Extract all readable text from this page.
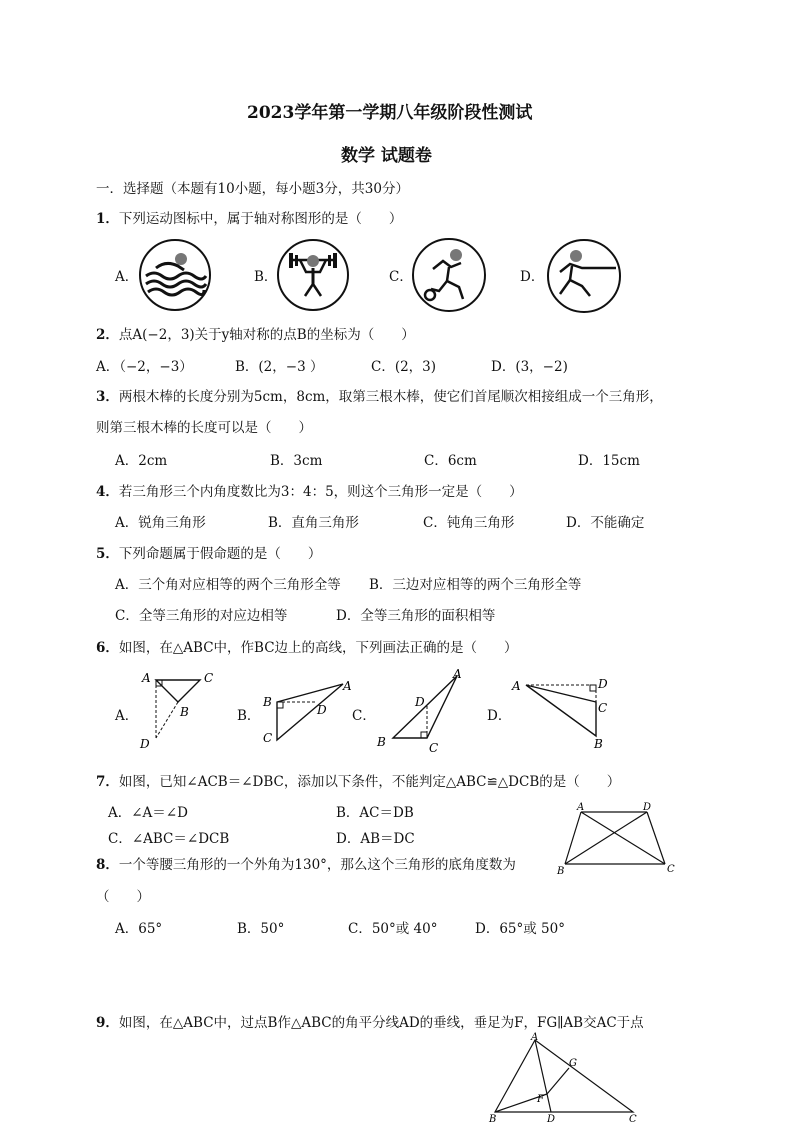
2023学年第一学期八年级阶段性测试
数学 试题卷
一．选择题（本题有10小题，每小题3分，共30分）
1．下列运动图标中，属于轴对称图形的是（　　）
A．	B．	C．	D．
2．点A(−2，3)关于y轴对称的点B的坐标为（　　）
A．（−2，−3）	B．(2，−3 ）	C．(2，3)	D．(3，−2)
3．两根木棒的长度分别为5cm，8cm，取第三根木棒，使它们首尾顺次相接组成一个三角形，
则第三根木棒的长度可以是（　　）
A．2cm	B．3cm	C．6cm	D．15cm
4．若三角形三个内角度数比为3：4：5，则这个三角形一定是（　　）
A．锐角三角形	B．直角三角形	C．钝角三角形	D．不能确定
5．下列命题属于假命题的是（　　）
A．三个角对应相等的两个三角形全等 B．三边对应相等的两个三角形全等
C．全等三角形的对应边相等	D．全等三角形的面积相等
6．如图，在△ABC中，作BC边上的高线，下列画法正确的是（　　）
A．	B．	C．	D．
A	C
B
D
B
A
D
C
A
D
B	C
A	D
C
B
7．如图，已知∠ACB＝∠DBC，添加以下条件，不能判定△ABC≌△DCB的是（　　）
A．∠A＝∠D	B．AC＝DB
C．∠ABC＝∠DCB	D．AB＝DC
A	D
B	C
8．一个等腰三角形的一个外角为130°，那么这个三角形的底角度数为
（　　）
A．65°	B．50°	C．50°或 40°	D．65°或 50°
9．如图，在△ABC中，过点B作△ABC的角平分线AD的垂线，垂足为F，FG∥AB交AC于点
A
G
F
B	D	C
